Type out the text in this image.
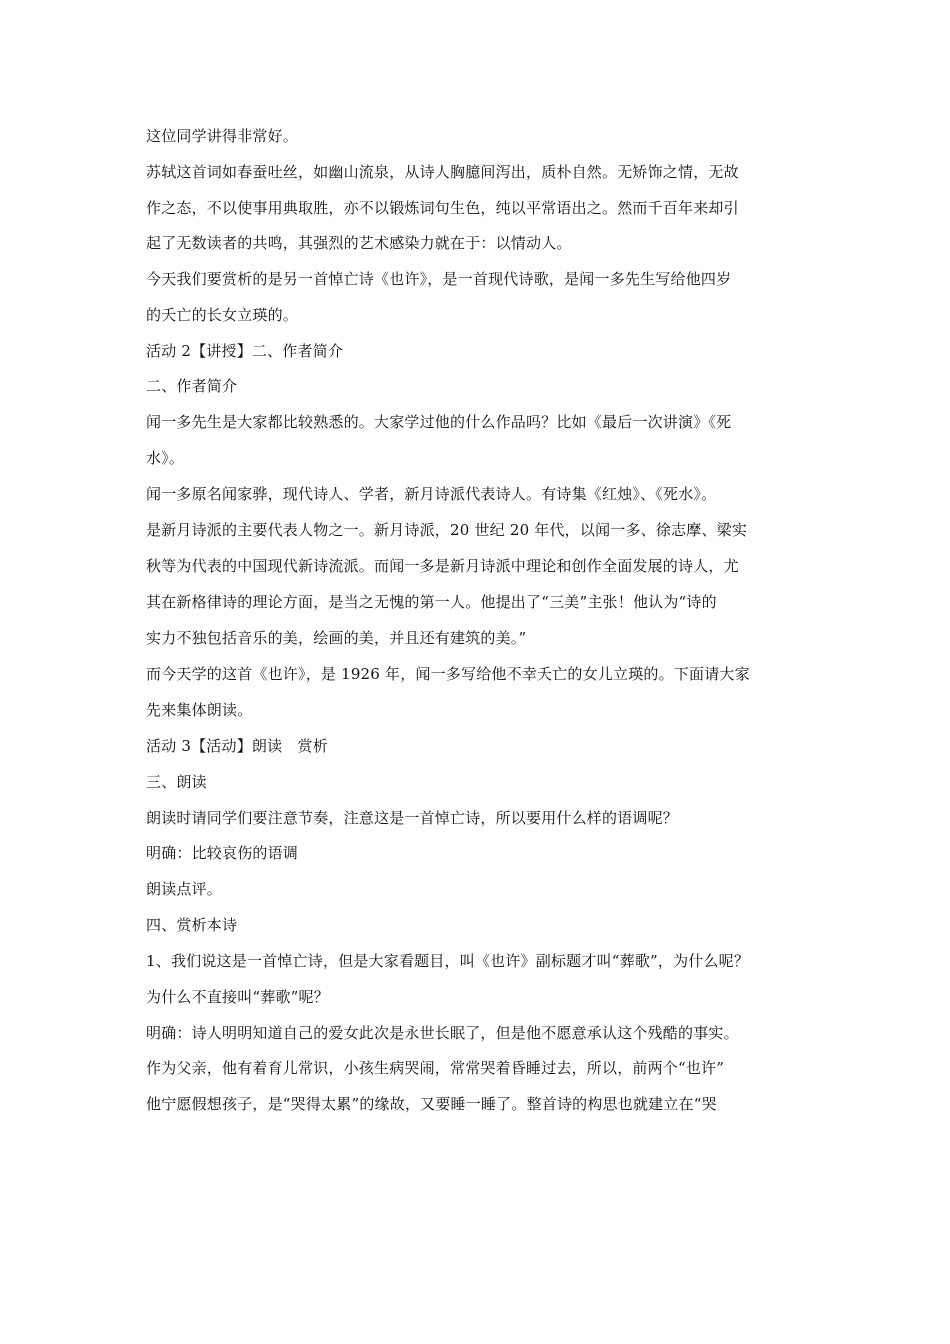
这位同学讲得非常好。
苏轼这首词如春蚕吐丝，如幽山流泉，从诗人胸臆间泻出，质朴自然。无矫饰之情，无故
作之态，不以使事用典取胜，亦不以锻炼词句生色，纯以平常语出之。然而千百年来却引
起了无数读者的共鸣，其强烈的艺术感染力就在于：以情动人。
今天我们要赏析的是另一首悼亡诗《也许》，是一首现代诗歌，是闻一多先生写给他四岁
的夭亡的长女立瑛的。
活动 2【讲授】二、作者简介
二、作者简介
闻一多先生是大家都比较熟悉的。大家学过他的什么作品吗？比如《最后一次讲演》《死
水》。
闻一多原名闻家骅，现代诗人、学者，新月诗派代表诗人。有诗集《红烛》、《死水》。
是新月诗派的主要代表人物之一。新月诗派，20 世纪 20 年代，以闻一多、徐志摩、梁实
秋等为代表的中国现代新诗流派。而闻一多是新月诗派中理论和创作全面发展的诗人，尤
其在新格律诗的理论方面，是当之无愧的第一人。他提出了“三美”主张！他认为“诗的
实力不独包括音乐的美，绘画的美，并且还有建筑的美。”
而今天学的这首《也许》，是 1926 年，闻一多写给他不幸夭亡的女儿立瑛的。下面请大家
先来集体朗读。
活动 3【活动】朗读　赏析
三、朗读
朗读时请同学们要注意节奏，注意这是一首悼亡诗，所以要用什么样的语调呢？
明确：比较哀伤的语调
朗读点评。
四、赏析本诗
1、我们说这是一首悼亡诗，但是大家看题目，叫《也许》副标题才叫“葬歌”，为什么呢？
为什么不直接叫“葬歌”呢？
明确：诗人明明知道自己的爱女此次是永世长眠了，但是他不愿意承认这个残酷的事实。
作为父亲，他有着育儿常识，小孩生病哭闹，常常哭着昏睡过去，所以，前两个“也许”
他宁愿假想孩子，是“哭得太累”的缘故，又要睡一睡了。整首诗的构思也就建立在“哭
